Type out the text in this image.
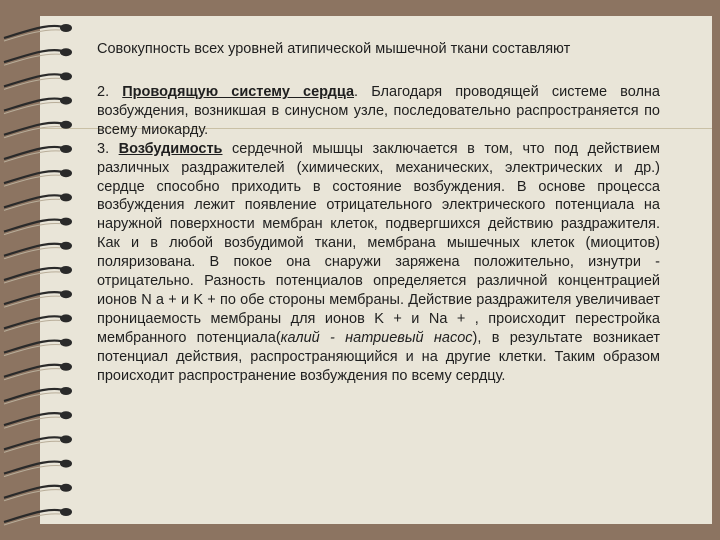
Совокупность всех уровней атипической мышечной ткани составляют

2. Проводящую систему сердца. Благодаря проводящей системе волна возбуждения, возникшая в синусном узле, последовательно распространяется по всему миокарду.

3. Возбудимость сердечной мышцы заключается в том, что под действием различных раздражителей (химических, механических, электрических и др.) сердце способно приходить в состояние возбуждения. В основе процесса возбуждения лежит появление отрицательного электрического потенциала на наружной поверхности мембран клеток, подвергшихся действию раздражителя. Как и в любой возбудимой ткани, мембрана мышечных клеток (миоцитов) поляризована. В покое она снаружи заряжена положительно, изнутри - отрицательно. Разность потенциалов определяется различной концентрацией ионов N a + и K + по обе стороны мембраны. Действие раздражителя увеличивает проницаемость мембраны для ионов K + и Na + , происходит перестройка мембранного потенциала(калий - натриевый насос), в результате возникает потенциал действия, распространяющийся и на другие клетки. Таким образом происходит распространение возбуждения по всему сердцу.
